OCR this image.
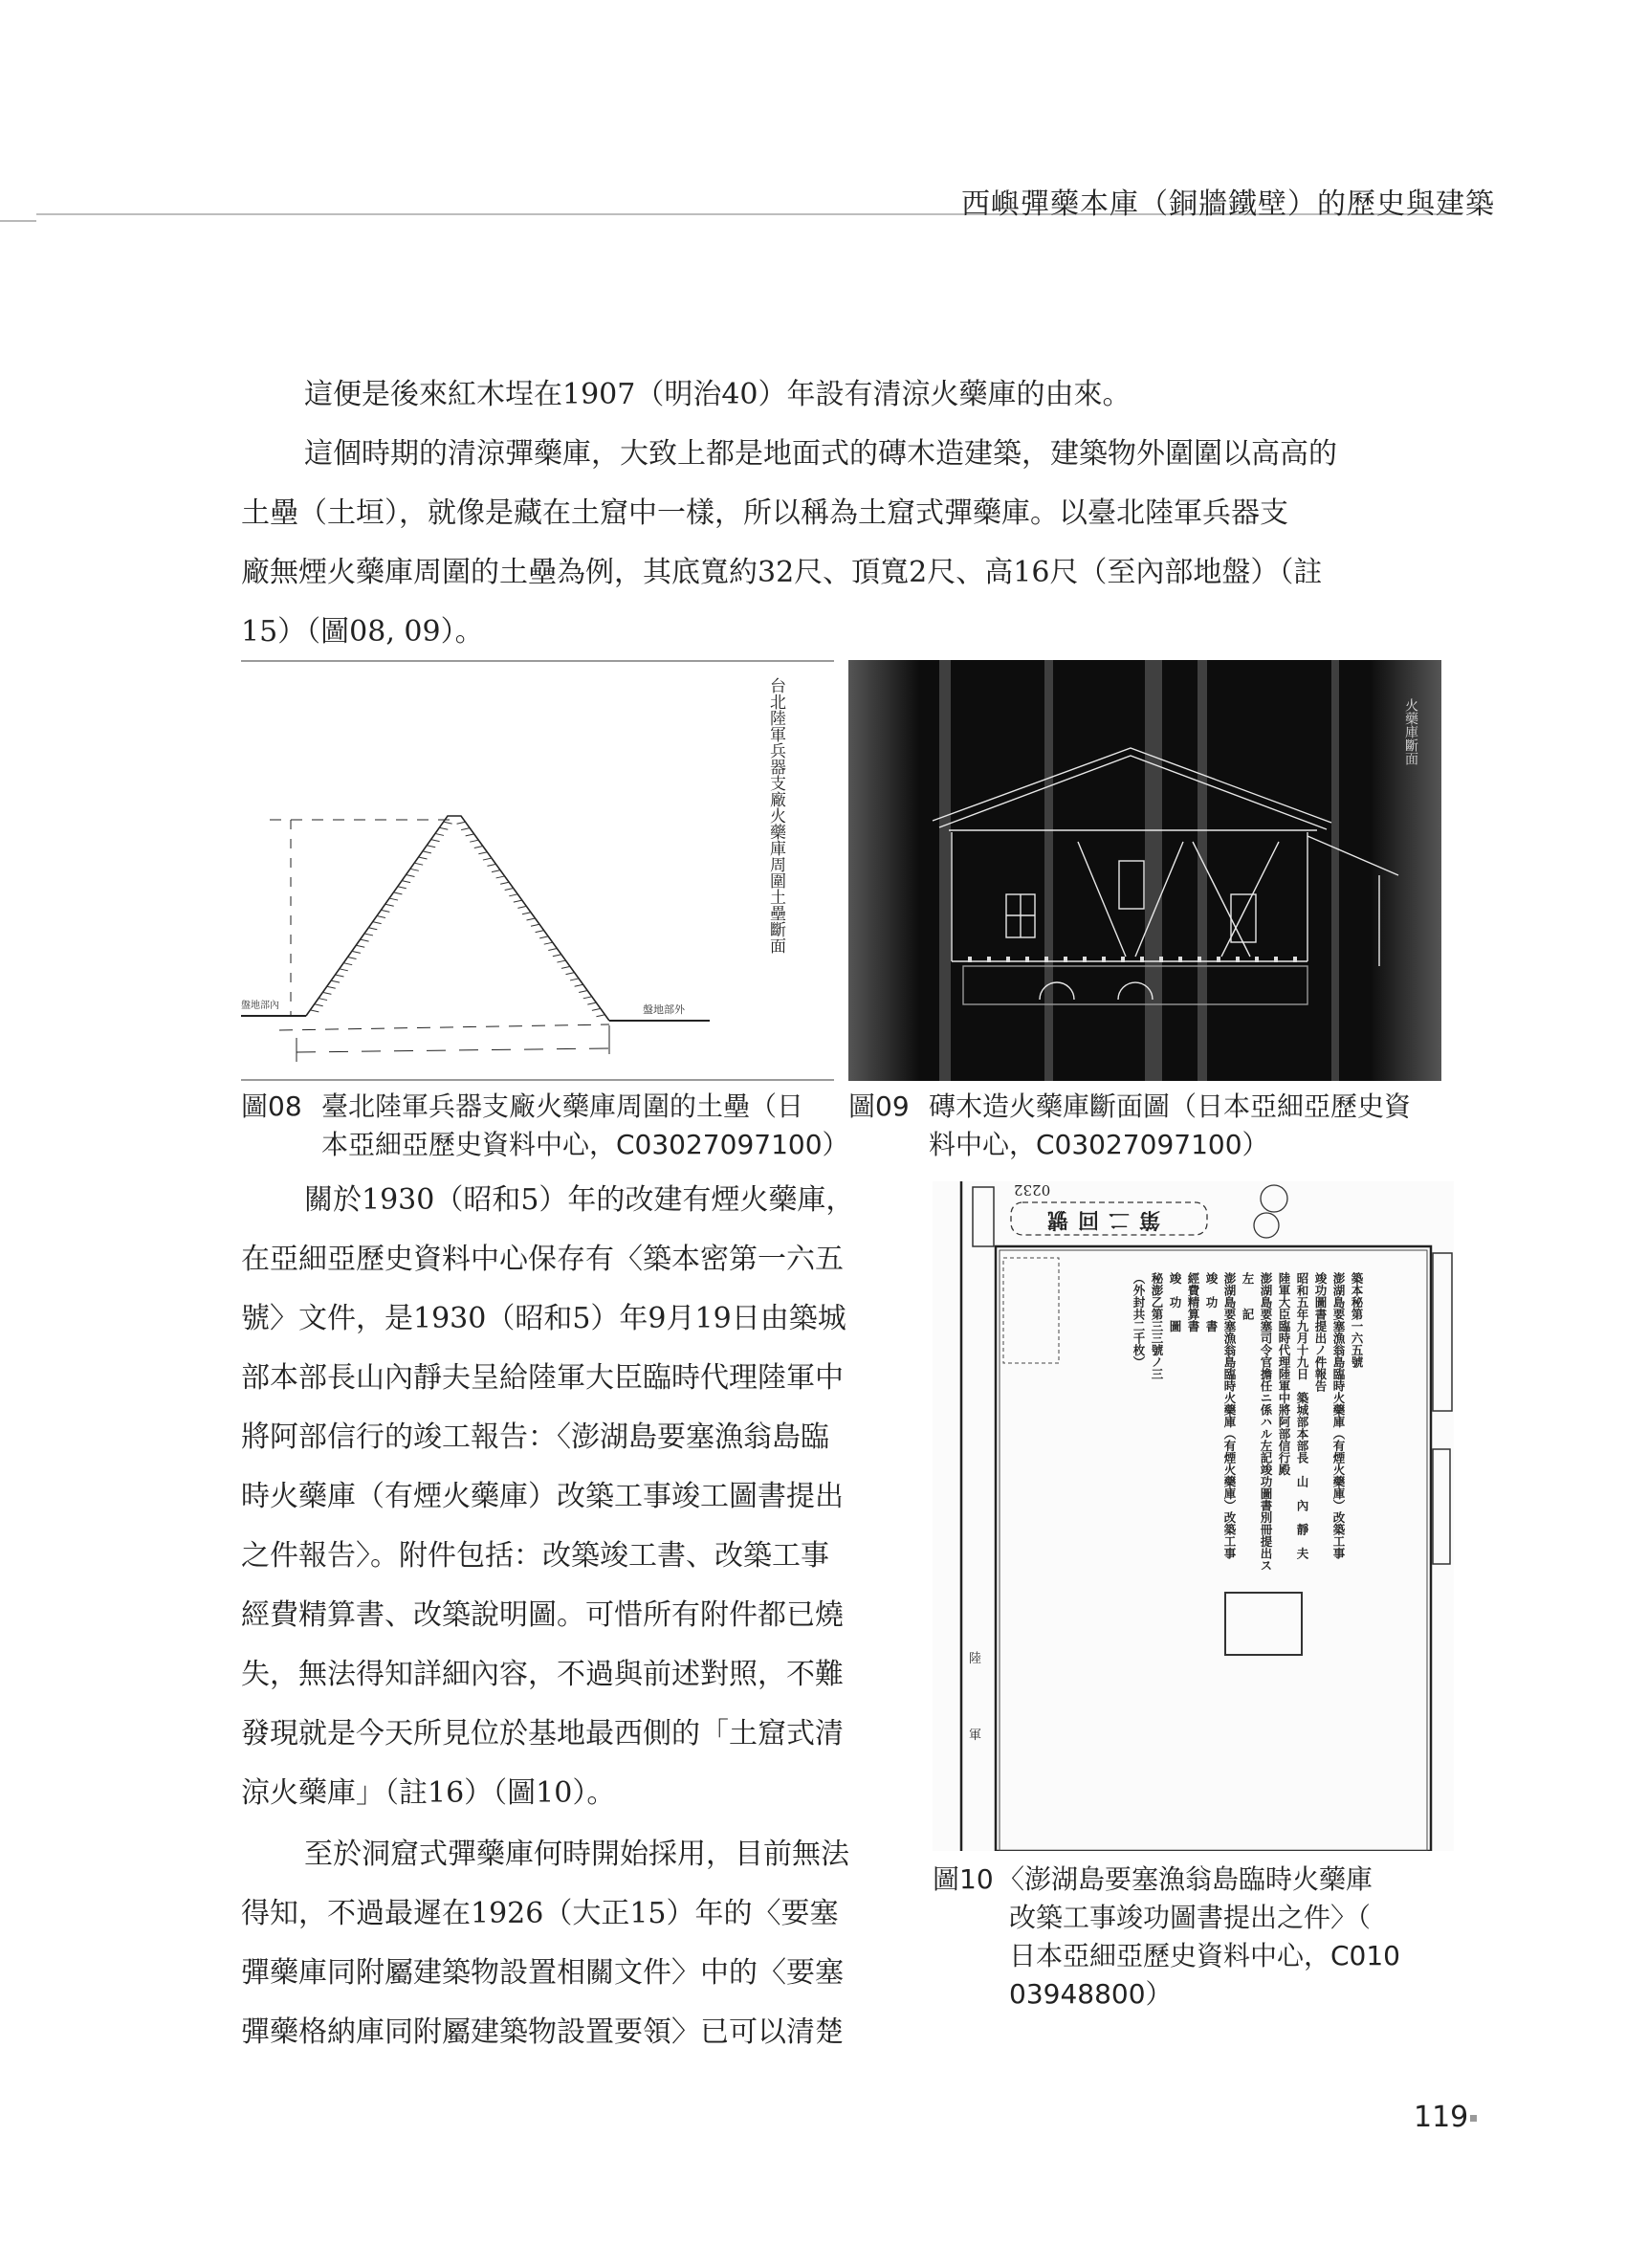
西嶼彈藥本庫（銅牆鐵壁）的歷史與建築
這便是後來紅木埕在1907（明治40）年設有清涼火藥庫的由來。
這個時期的清涼彈藥庫，大致上都是地面式的磚木造建築，建築物外圍圍以高高的
土壘（土垣），就像是藏在土窟中一樣，所以稱為土窟式彈藥庫。以臺北陸軍兵器支
廠無煙火藥庫周圍的土壘為例，其底寬約32尺、頂寬2尺、高16尺（至內部地盤）（註
15）（圖08, 09）。
盤地部內	盤地部外
台北陸軍兵器支廠火藥庫周圍土壘斷面	火藥庫斷面
圖08 臺北陸軍兵器支廠火藥庫周圍的土壘（日
本亞細亞歷史資料中心，C03027097100）
圖09 磚木造火藥庫斷面圖（日本亞細亞歷史資
料中心，C03027097100）
關於1930（昭和5）年的改建有煙火藥庫，
在亞細亞歷史資料中心保存有〈築本密第一六五
號〉文件，是1930（昭和5）年9月19日由築城
部本部長山內靜夫呈給陸軍大臣臨時代理陸軍中
將阿部信行的竣工報告：〈澎湖島要塞漁翁島臨
時火藥庫（有煙火藥庫）改築工事竣工圖書提出
之件報告〉。附件包括：改築竣工書、改築工事
經費精算書、改築說明圖。可惜所有附件都已燒
失，無法得知詳細內容，不過與前述對照，不難
發現就是今天所見位於基地最西側的「土窟式清
涼火藥庫」（註16）（圖10）。
至於洞窟式彈藥庫何時開始採用，目前無法
得知，不過最遲在1926（大正15）年的〈要塞
彈藥庫同附屬建築物設置相關文件〉中的〈要塞
彈藥格納庫同附屬建築物設置要領〉已可以清楚
0232
第二回號
築本秘第一六五號
澎湖島要塞漁翁島臨時火藥庫（有煙火藥庫）改築工事
竣功圖書提出ノ件報告
昭和五年九月十九日　築城部本部長　山　內　靜　夫
陸軍大臣臨時代理陸軍中將阿部信行殿
澎湖島要塞司令官擔任ニ係ハル左記竣功圖書別冊提出ス
左　　記
澎湖島要塞漁翁島臨時火藥庫（有煙火藥庫）改築工事
竣　功　書
經費精算書
竣　功　圖
秘澎乙第三三號ノ三
（外封共二千枚）
陸
軍
圖10 〈澎湖島要塞漁翁島臨時火藥庫
改築工事竣功圖書提出之件〉（
日本亞細亞歷史資料中心，C010
03948800）
119
